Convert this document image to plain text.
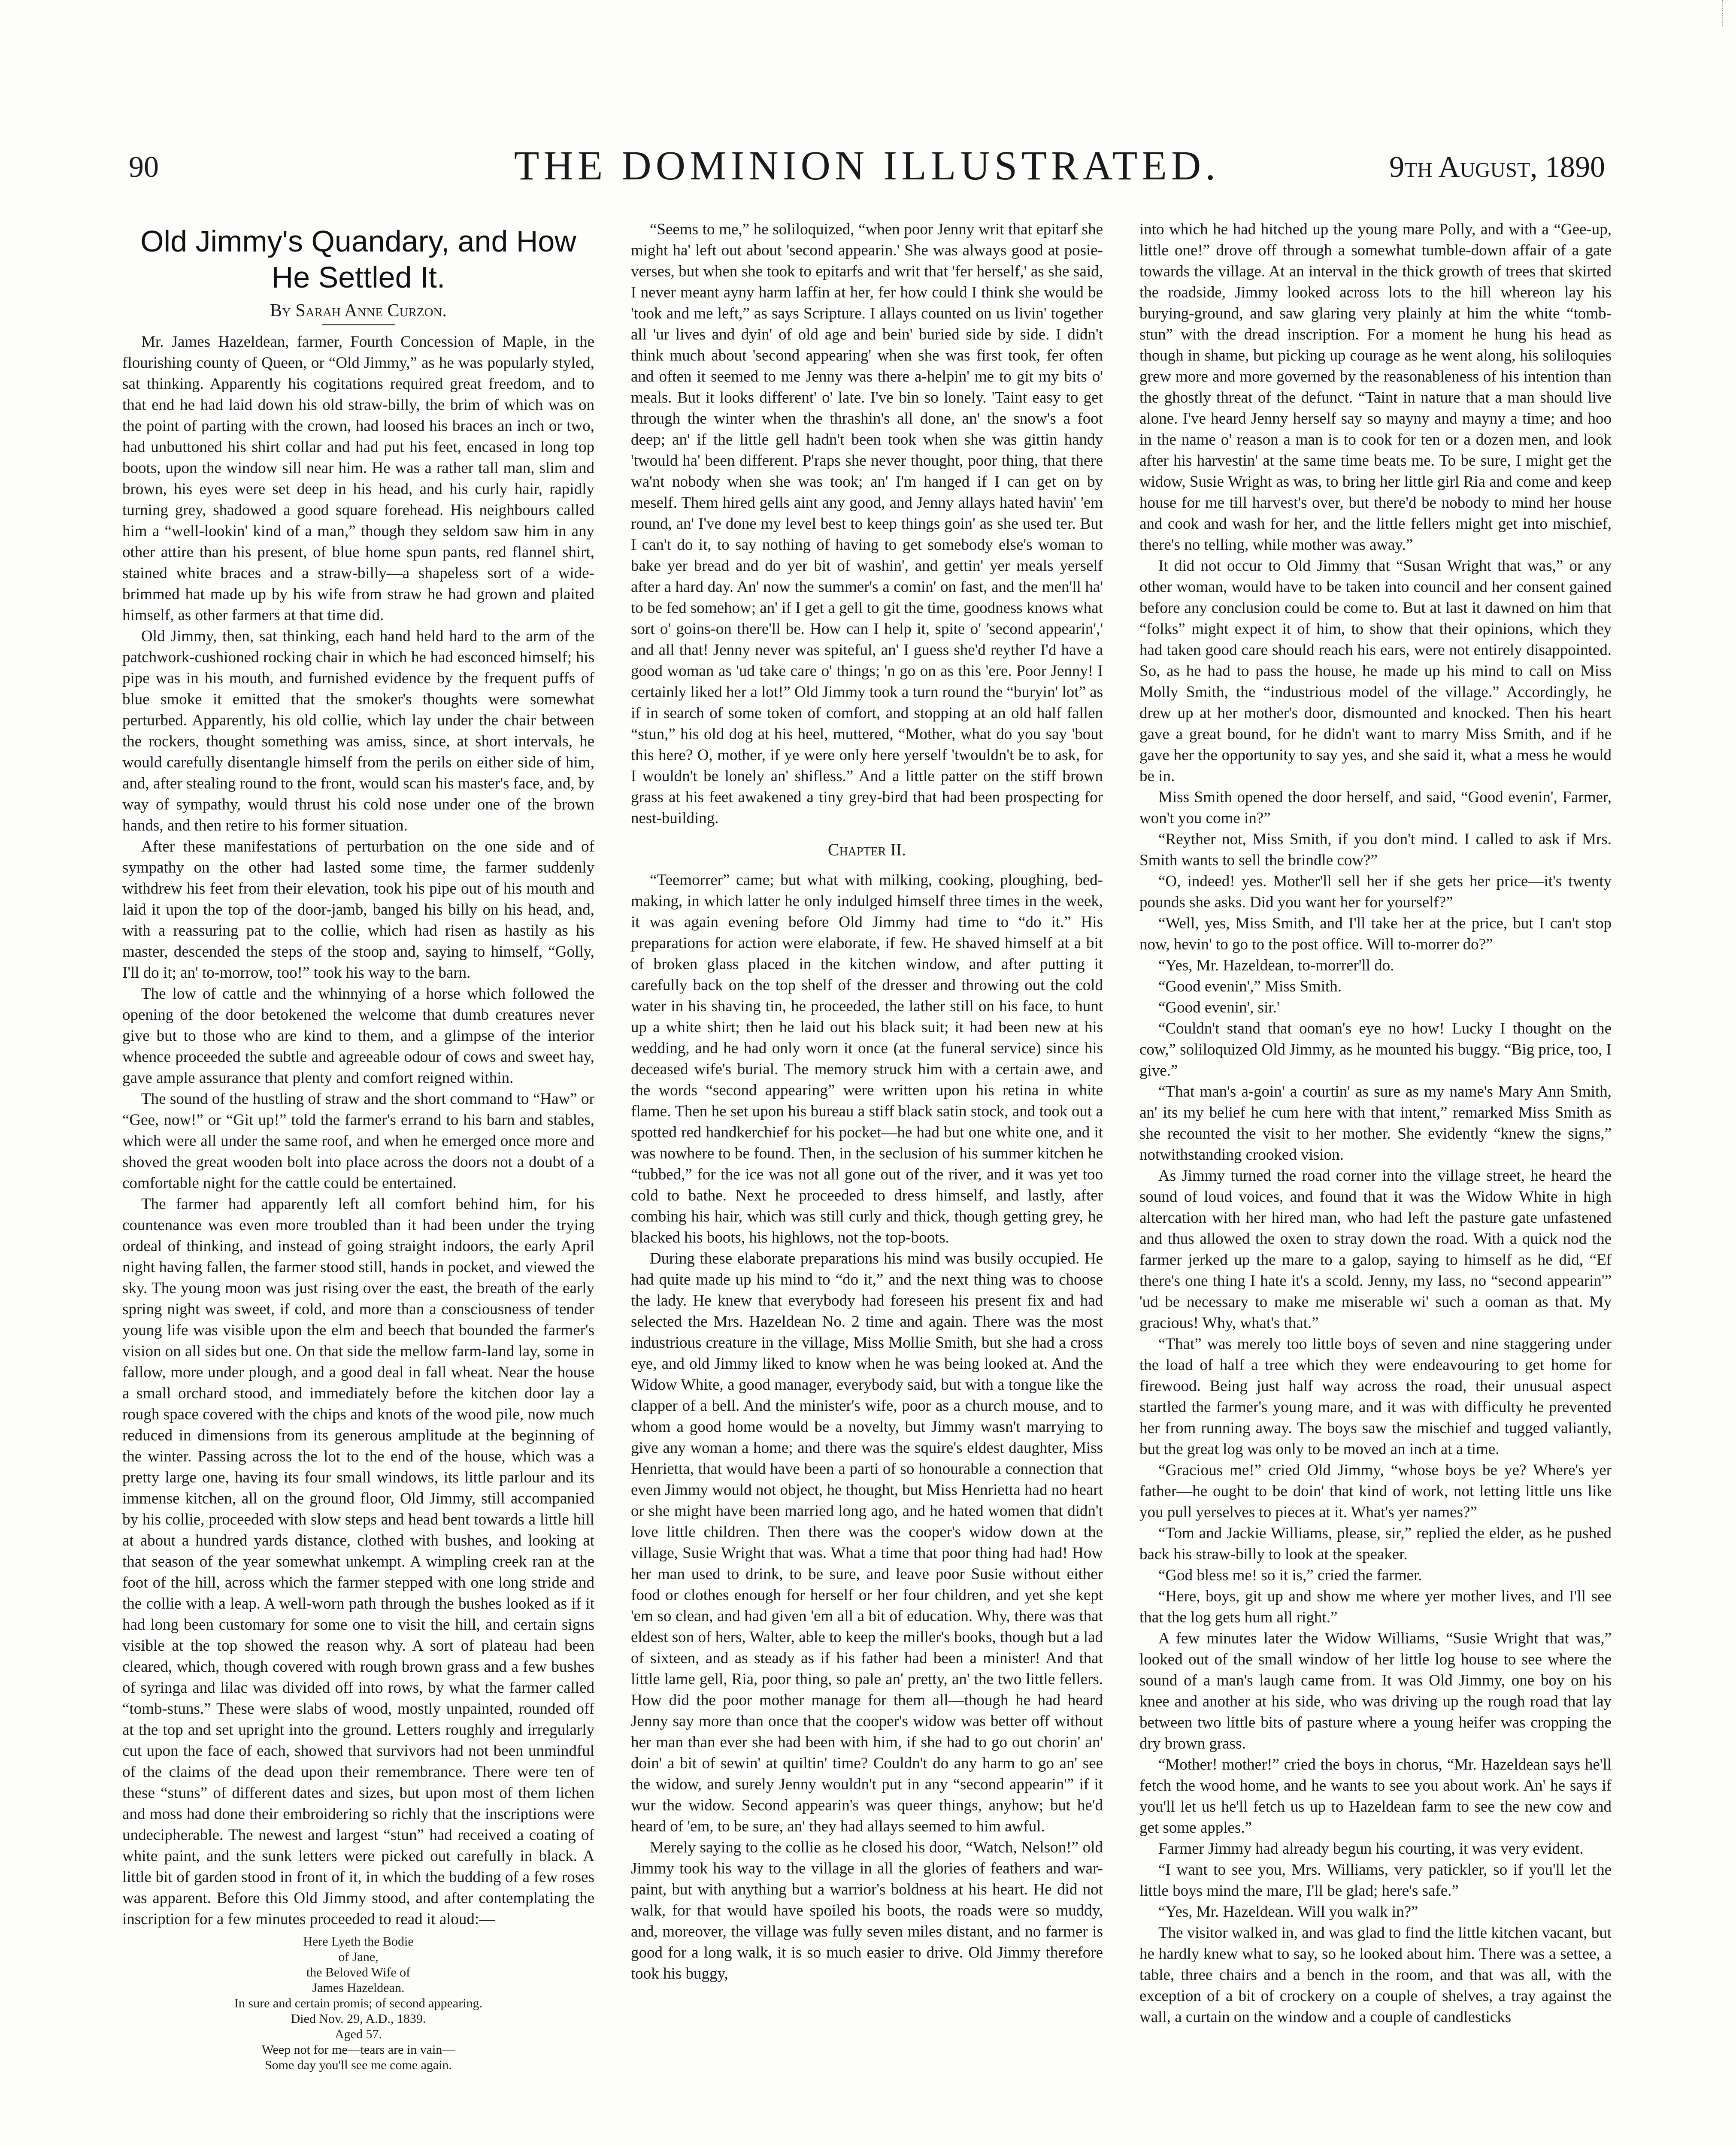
90	THE DOMINION ILLUSTRATED.	9th August, 1890
Old Jimmy's Quandary, and How He Settled It.
By Sarah Anne Curzon.

Mr. James Hazeldean, farmer, Fourth Concession of Maple, in the flourishing county of Queen, or “Old Jimmy,” as he was popularly styled, sat thinking. Apparently his cogitations required great freedom, and to that end he had laid down his old straw-billy, the brim of which was on the point of parting with the crown, had loosed his braces an inch or two, had unbuttoned his shirt collar and had put his feet, encased in long top boots, upon the window sill near him. He was a rather tall man, slim and brown, his eyes were set deep in his head, and his curly hair, rapidly turning grey, shadowed a good square forehead. His neighbours called him a “well-lookin' kind of a man,” though they seldom saw him in any other attire than his present, of blue home spun pants, red flannel shirt, stained white braces and a straw-billy—a shapeless sort of a wide-brimmed hat made up by his wife from straw he had grown and plaited himself, as other farmers at that time did.

Old Jimmy, then, sat thinking, each hand held hard to the arm of the patchwork-cushioned rocking chair in which he had esconced himself; his pipe was in his mouth, and furnished evidence by the frequent puffs of blue smoke it emitted that the smoker's thoughts were somewhat perturbed. Apparently, his old collie, which lay under the chair between the rockers, thought something was amiss, since, at short intervals, he would carefully disentangle himself from the perils on either side of him, and, after stealing round to the front, would scan his master's face, and, by way of sympathy, would thrust his cold nose under one of the brown hands, and then retire to his former situation.

After these manifestations of perturbation on the one side and of sympathy on the other had lasted some time, the farmer suddenly withdrew his feet from their elevation, took his pipe out of his mouth and laid it upon the top of the door-jamb, banged his billy on his head, and, with a reassuring pat to the collie, which had risen as hastily as his master, descended the steps of the stoop and, saying to himself, “Golly, I'll do it; an' to-morrow, too!” took his way to the barn.

The low of cattle and the whinnying of a horse which followed the opening of the door betokened the welcome that dumb creatures never give but to those who are kind to them, and a glimpse of the interior whence proceeded the subtle and agreeable odour of cows and sweet hay, gave ample assurance that plenty and comfort reigned within.

The sound of the hustling of straw and the short command to “Haw” or “Gee, now!” or “Git up!” told the farmer's errand to his barn and stables, which were all under the same roof, and when he emerged once more and shoved the great wooden bolt into place across the doors not a doubt of a comfortable night for the cattle could be entertained.

The farmer had apparently left all comfort behind him, for his countenance was even more troubled than it had been under the trying ordeal of thinking, and instead of going straight indoors, the early April night having fallen, the farmer stood still, hands in pocket, and viewed the sky. The young moon was just rising over the east, the breath of the early spring night was sweet, if cold, and more than a consciousness of tender young life was visible upon the elm and beech that bounded the farmer's vision on all sides but one. On that side the mellow farm-land lay, some in fallow, more under plough, and a good deal in fall wheat. Near the house a small orchard stood, and immediately before the kitchen door lay a rough space covered with the chips and knots of the wood pile, now much reduced in dimensions from its generous amplitude at the beginning of the winter. Passing across the lot to the end of the house, which was a pretty large one, having its four small windows, its little parlour and its immense kitchen, all on the ground floor, Old Jimmy, still accompanied by his collie, proceeded with slow steps and head bent towards a little hill at about a hundred yards distance, clothed with bushes, and looking at that season of the year somewhat unkempt. A wimpling creek ran at the foot of the hill, across which the farmer stepped with one long stride and the collie with a leap. A well-worn path through the bushes looked as if it had long been customary for some one to visit the hill, and certain signs visible at the top showed the reason why. A sort of plateau had been cleared, which, though covered with rough brown grass and a few bushes of syringa and lilac was divided off into rows, by what the farmer called “tomb-stuns.” These were slabs of wood, mostly unpainted, rounded off at the top and set upright into the ground. Letters roughly and irregularly cut upon the face of each, showed that survivors had not been unmindful of the claims of the dead upon their remembrance. There were ten of these “stuns” of different dates and sizes, but upon most of them lichen and moss had done their embroidering so richly that the inscriptions were undecipherable. The newest and largest “stun” had received a coating of white paint, and the sunk letters were picked out carefully in black. A little bit of garden stood in front of it, in which the budding of a few roses was apparent. Before this Old Jimmy stood, and after contemplating the inscription for a few minutes proceeded to read it aloud:—

Here Lyeth the Bodie
of Jane,
the Beloved Wife of
James Hazeldean.
In sure and certain promis; of second appearing.
Died Nov. 29, A.D., 1839.
Aged 57.
Weep not for me—tears are in vain—
Some day you'll see me come again.

“Seems to me,” he soliloquized, “when poor Jenny writ that epitarf she might ha' left out about 'second appearin.' She was always good at posie-verses, but when she took to epitarfs and writ that 'fer herself,' as she said, I never meant ayny harm laffin at her, fer how could I think she would be 'took and me left,” as says Scripture. I allays counted on us livin' together all 'ur lives and dyin' of old age and bein' buried side by side. I didn't think much about 'second appearing' when she was first took, fer often and often it seemed to me Jenny was there a-helpin' me to git my bits o' meals. But it looks different' o' late. I've bin so lonely. 'Taint easy to get through the winter when the thrashin's all done, an' the snow's a foot deep; an' if the little gell hadn't been took when she was gittin handy 'twould ha' been different. P'raps she never thought, poor thing, that there wa'nt nobody when she was took; an' I'm hanged if I can get on by meself. Them hired gells aint any good, and Jenny allays hated havin' 'em round, an' I've done my level best to keep things goin' as she used ter. But I can't do it, to say nothing of having to get somebody else's woman to bake yer bread and do yer bit of washin', and gettin' yer meals yerself after a hard day. An' now the summer's a comin' on fast, and the men'll ha' to be fed somehow; an' if I get a gell to git the time, goodness knows what sort o' goins-on there'll be. How can I help it, spite o' 'second appearin',' and all that! Jenny never was spiteful, an' I guess she'd reyther I'd have a good woman as 'ud take care o' things; 'n go on as this 'ere. Poor Jenny! I certainly liked her a lot!” Old Jimmy took a turn round the “buryin' lot” as if in search of some token of comfort, and stopping at an old half fallen “stun,” his old dog at his heel, muttered, “Mother, what do you say 'bout this here? O, mother, if ye were only here yerself 'twouldn't be to ask, for I wouldn't be lonely an' shifless.” And a little patter on the stiff brown grass at his feet awakened a tiny grey-bird that had been prospecting for nest-building.

Chapter II.

“Teemorrer” came; but what with milking, cooking, ploughing, bed-making, in which latter he only indulged himself three times in the week, it was again evening before Old Jimmy had time to “do it.” His preparations for action were elaborate, if few. He shaved himself at a bit of broken glass placed in the kitchen window, and after putting it carefully back on the top shelf of the dresser and throwing out the cold water in his shaving tin, he proceeded, the lather still on his face, to hunt up a white shirt; then he laid out his black suit; it had been new at his wedding, and he had only worn it once (at the funeral service) since his deceased wife's burial. The memory struck him with a certain awe, and the words “second appearing” were written upon his retina in white flame. Then he set upon his bureau a stiff black satin stock, and took out a spotted red handkerchief for his pocket—he had but one white one, and it was nowhere to be found. Then, in the seclusion of his summer kitchen he “tubbed,” for the ice was not all gone out of the river, and it was yet too cold to bathe. Next he proceeded to dress himself, and lastly, after combing his hair, which was still curly and thick, though getting grey, he blacked his boots, his highlows, not the top-boots.

During these elaborate preparations his mind was busily occupied. He had quite made up his mind to “do it,” and the next thing was to choose the lady. He knew that everybody had foreseen his present fix and had selected the Mrs. Hazeldean No. 2 time and again. There was the most industrious creature in the village, Miss Mollie Smith, but she had a cross eye, and old Jimmy liked to know when he was being looked at. And the Widow White, a good manager, everybody said, but with a tongue like the clapper of a bell. And the minister's wife, poor as a church mouse, and to whom a good home would be a novelty, but Jimmy wasn't marrying to give any woman a home; and there was the squire's eldest daughter, Miss Henrietta, that would have been a parti of so honourable a connection that even Jimmy would not object, he thought, but Miss Henrietta had no heart or she might have been married long ago, and he hated women that didn't love little children. Then there was the cooper's widow down at the village, Susie Wright that was. What a time that poor thing had had! How her man used to drink, to be sure, and leave poor Susie without either food or clothes enough for herself or her four children, and yet she kept 'em so clean, and had given 'em all a bit of education. Why, there was that eldest son of hers, Walter, able to keep the miller's books, though but a lad of sixteen, and as steady as if his father had been a minister! And that little lame gell, Ria, poor thing, so pale an' pretty, an' the two little fellers. How did the poor mother manage for them all—though he had heard Jenny say more than once that the cooper's widow was better off without her man than ever she had been with him, if she had to go out chorin' an' doin' a bit of sewin' at quiltin' time? Couldn't do any harm to go an' see the widow, and surely Jenny wouldn't put in any “second appearin'” if it wur the widow. Second appearin's was queer things, anyhow; but he'd heard of 'em, to be sure, an' they had allays seemed to him awful.

Merely saying to the collie as he closed his door, “Watch, Nelson!” old Jimmy took his way to the village in all the glories of feathers and war-paint, but with anything but a warrior's boldness at his heart. He did not walk, for that would have spoiled his boots, the roads were so muddy, and, moreover, the village was fully seven miles distant, and no farmer is good for a long walk, it is so much easier to drive. Old Jimmy therefore took his buggy,

into which he had hitched up the young mare Polly, and with a “Gee-up, little one!” drove off through a somewhat tumble-down affair of a gate towards the village. At an interval in the thick growth of trees that skirted the roadside, Jimmy looked across lots to the hill whereon lay his burying-ground, and saw glaring very plainly at him the white “tomb-stun” with the dread inscription. For a moment he hung his head as though in shame, but picking up courage as he went along, his soliloquies grew more and more governed by the reasonableness of his intention than the ghostly threat of the defunct. “Taint in nature that a man should live alone. I've heard Jenny herself say so mayny and mayny a time; and hoo in the name o' reason a man is to cook for ten or a dozen men, and look after his harvestin' at the same time beats me. To be sure, I might get the widow, Susie Wright as was, to bring her little girl Ria and come and keep house for me till harvest's over, but there'd be nobody to mind her house and cook and wash for her, and the little fellers might get into mischief, there's no telling, while mother was away.”

It did not occur to Old Jimmy that “Susan Wright that was,” or any other woman, would have to be taken into council and her consent gained before any conclusion could be come to. But at last it dawned on him that “folks” might expect it of him, to show that their opinions, which they had taken good care should reach his ears, were not entirely disappointed. So, as he had to pass the house, he made up his mind to call on Miss Molly Smith, the “industrious model of the village.” Accordingly, he drew up at her mother's door, dismounted and knocked. Then his heart gave a great bound, for he didn't want to marry Miss Smith, and if he gave her the opportunity to say yes, and she said it, what a mess he would be in.

Miss Smith opened the door herself, and said, “Good evenin', Farmer, won't you come in?”

“Reyther not, Miss Smith, if you don't mind. I called to ask if Mrs. Smith wants to sell the brindle cow?”

“O, indeed! yes. Mother'll sell her if she gets her price—it's twenty pounds she asks. Did you want her for yourself?”

“Well, yes, Miss Smith, and I'll take her at the price, but I can't stop now, hevin' to go to the post office. Will to-morrer do?”

“Yes, Mr. Hazeldean, to-morrer'll do.

“Good evenin',” Miss Smith.

“Good evenin', sir.'

“Couldn't stand that ooman's eye no how! Lucky I thought on the cow,” soliloquized Old Jimmy, as he mounted his buggy. “Big price, too, I give.”

“That man's a-goin' a courtin' as sure as my name's Mary Ann Smith, an' its my belief he cum here with that intent,” remarked Miss Smith as she recounted the visit to her mother. She evidently “knew the signs,” notwithstanding crooked vision.

As Jimmy turned the road corner into the village street, he heard the sound of loud voices, and found that it was the Widow White in high altercation with her hired man, who had left the pasture gate unfastened and thus allowed the oxen to stray down the road. With a quick nod the farmer jerked up the mare to a galop, saying to himself as he did, “Ef there's one thing I hate it's a scold. Jenny, my lass, no “second appearin'” 'ud be necessary to make me miserable wi' such a ooman as that. My gracious! Why, what's that.”

“That” was merely too little boys of seven and nine staggering under the load of half a tree which they were endeavouring to get home for firewood. Being just half way across the road, their unusual aspect startled the farmer's young mare, and it was with difficulty he prevented her from running away. The boys saw the mischief and tugged valiantly, but the great log was only to be moved an inch at a time.

“Gracious me!” cried Old Jimmy, “whose boys be ye? Where's yer father—he ought to be doin' that kind of work, not letting little uns like you pull yerselves to pieces at it. What's yer names?”

“Tom and Jackie Williams, please, sir,” replied the elder, as he pushed back his straw-billy to look at the speaker.

“God bless me! so it is,” cried the farmer.

“Here, boys, git up and show me where yer mother lives, and I'll see that the log gets hum all right.”

A few minutes later the Widow Williams, “Susie Wright that was,” looked out of the small window of her little log house to see where the sound of a man's laugh came from. It was Old Jimmy, one boy on his knee and another at his side, who was driving up the rough road that lay between two little bits of pasture where a young heifer was cropping the dry brown grass.

“Mother! mother!” cried the boys in chorus, “Mr. Hazeldean says he'll fetch the wood home, and he wants to see you about work. An' he says if you'll let us he'll fetch us up to Hazeldean farm to see the new cow and get some apples.”

Farmer Jimmy had already begun his courting, it was very evident.

“I want to see you, Mrs. Williams, very patickler, so if you'll let the little boys mind the mare, I'll be glad; here's safe.”

“Yes, Mr. Hazeldean. Will you walk in?”

The visitor walked in, and was glad to find the little kitchen vacant, but he hardly knew what to say, so he looked about him. There was a settee, a table, three chairs and a bench in the room, and that was all, with the exception of a bit of crockery on a couple of shelves, a tray against the wall, a curtain on the window and a couple of candlesticks
